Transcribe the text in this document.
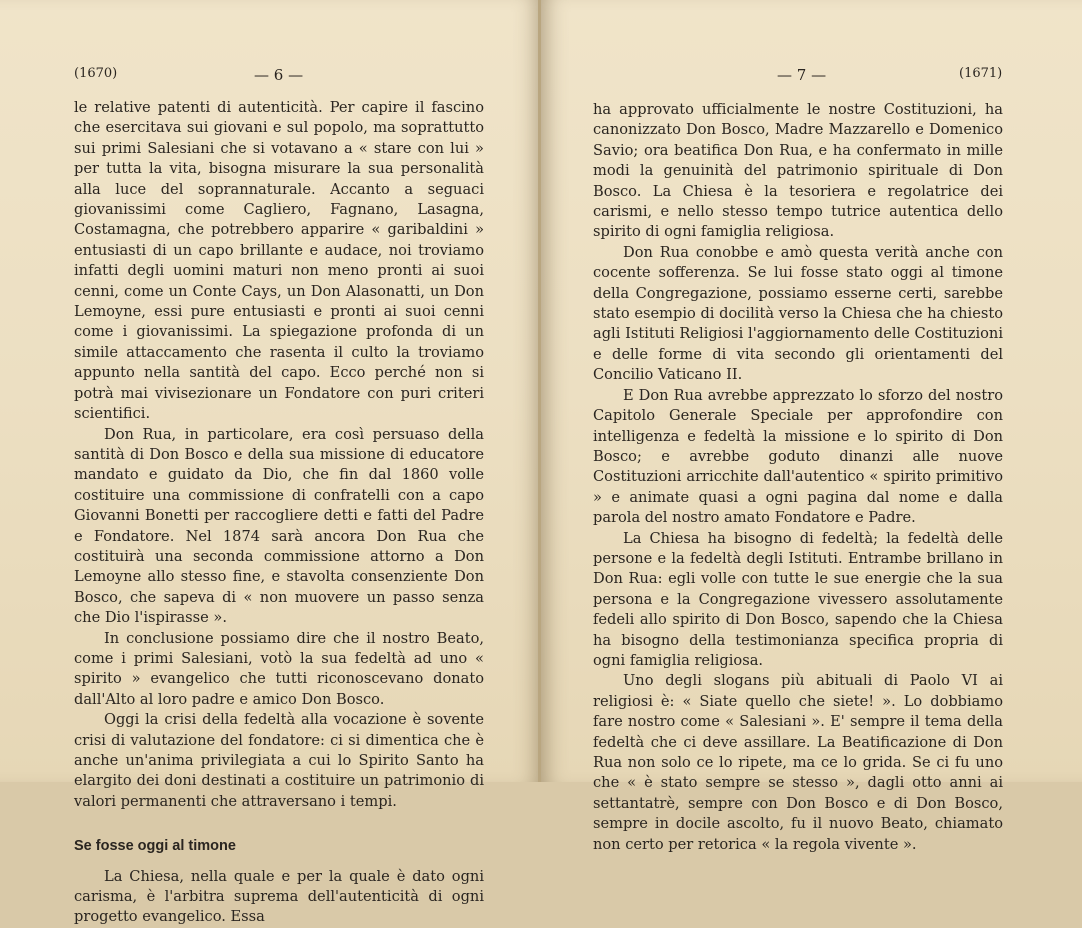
(1670)	— 6 —

le relative patenti di autenticità. Per capire il fascino che esercitava sui giovani e sul popolo, ma soprattutto sui primi Salesiani che si votavano a « stare con lui » per tutta la vita, bisogna misurare la sua personalità alla luce del soprannaturale. Accanto a seguaci giovanissimi come Cagliero, Fagnano, Lasagna, Costamagna, che potrebbero apparire « garibaldini » entusiasti di un capo brillante e audace, noi troviamo infatti degli uomini maturi non meno pronti ai suoi cenni, come un Conte Cays, un Don Alasonatti, un Don Lemoyne, essi pure entusiasti e pronti ai suoi cenni come i giovanissimi. La spiegazione profonda di un simile attaccamento che rasenta il culto la troviamo appunto nella santità del capo. Ecco perché non si potrà mai vivisezionare un Fondatore con puri criteri scientifici.

Don Rua, in particolare, era così persuaso della santità di Don Bosco e della sua missione di educatore mandato e guidato da Dio, che fin dal 1860 volle costituire una commissione di confratelli con a capo Giovanni Bonetti per raccogliere detti e fatti del Padre e Fondatore. Nel 1874 sarà ancora Don Rua che costituirà una seconda commissione attorno a Don Lemoyne allo stesso fine, e stavolta consenziente Don Bosco, che sapeva di « non muovere un passo senza che Dio l'ispirasse ».

In conclusione possiamo dire che il nostro Beato, come i primi Salesiani, votò la sua fedeltà ad uno « spirito » evangelico che tutti riconoscevano donato dall'Alto al loro padre e amico Don Bosco.

Oggi la crisi della fedeltà alla vocazione è sovente crisi di valutazione del fondatore: ci si dimentica che è anche un'anima privilegiata a cui lo Spirito Santo ha elargito dei doni destinati a costituire un patrimonio di valori permanenti che attraversano i tempi.

Se fosse oggi al timone

La Chiesa, nella quale e per la quale è dato ogni carisma, è l'arbitra suprema dell'autenticità di ogni progetto evangelico. Essa

— 7 —	(1671)

ha approvato ufficialmente le nostre Costituzioni, ha canonizzato Don Bosco, Madre Mazzarello e Domenico Savio; ora beatifica Don Rua, e ha confermato in mille modi la genuinità del patrimonio spirituale di Don Bosco. La Chiesa è la tesoriera e regolatrice dei carismi, e nello stesso tempo tutrice autentica dello spirito di ogni famiglia religiosa.

Don Rua conobbe e amò questa verità anche con cocente sofferenza. Se lui fosse stato oggi al timone della Congregazione, possiamo esserne certi, sarebbe stato esempio di docilità verso la Chiesa che ha chiesto agli Istituti Religiosi l'aggiornamento delle Costituzioni e delle forme di vita secondo gli orientamenti del Concilio Vaticano II.

E Don Rua avrebbe apprezzato lo sforzo del nostro Capitolo Generale Speciale per approfondire con intelligenza e fedeltà la missione e lo spirito di Don Bosco; e avrebbe goduto dinanzi alle nuove Costituzioni arricchite dall'autentico « spirito primitivo » e animate quasi a ogni pagina dal nome e dalla parola del nostro amato Fondatore e Padre.

La Chiesa ha bisogno di fedeltà; la fedeltà delle persone e la fedeltà degli Istituti. Entrambe brillano in Don Rua: egli volle con tutte le sue energie che la sua persona e la Congregazione vivessero assolutamente fedeli allo spirito di Don Bosco, sapendo che la Chiesa ha bisogno della testimonianza specifica propria di ogni famiglia religiosa.

Uno degli slogans più abituali di Paolo VI ai religiosi è: « Siate quello che siete! ». Lo dobbiamo fare nostro come « Salesiani ». E' sempre il tema della fedeltà che ci deve assillare. La Beatificazione di Don Rua non solo ce lo ripete, ma ce lo grida. Se ci fu uno che « è stato sempre se stesso », dagli otto anni ai settantatrè, sempre con Don Bosco e di Don Bosco, sempre in docile ascolto, fu il nuovo Beato, chiamato non certo per retorica « la regola vivente ».
